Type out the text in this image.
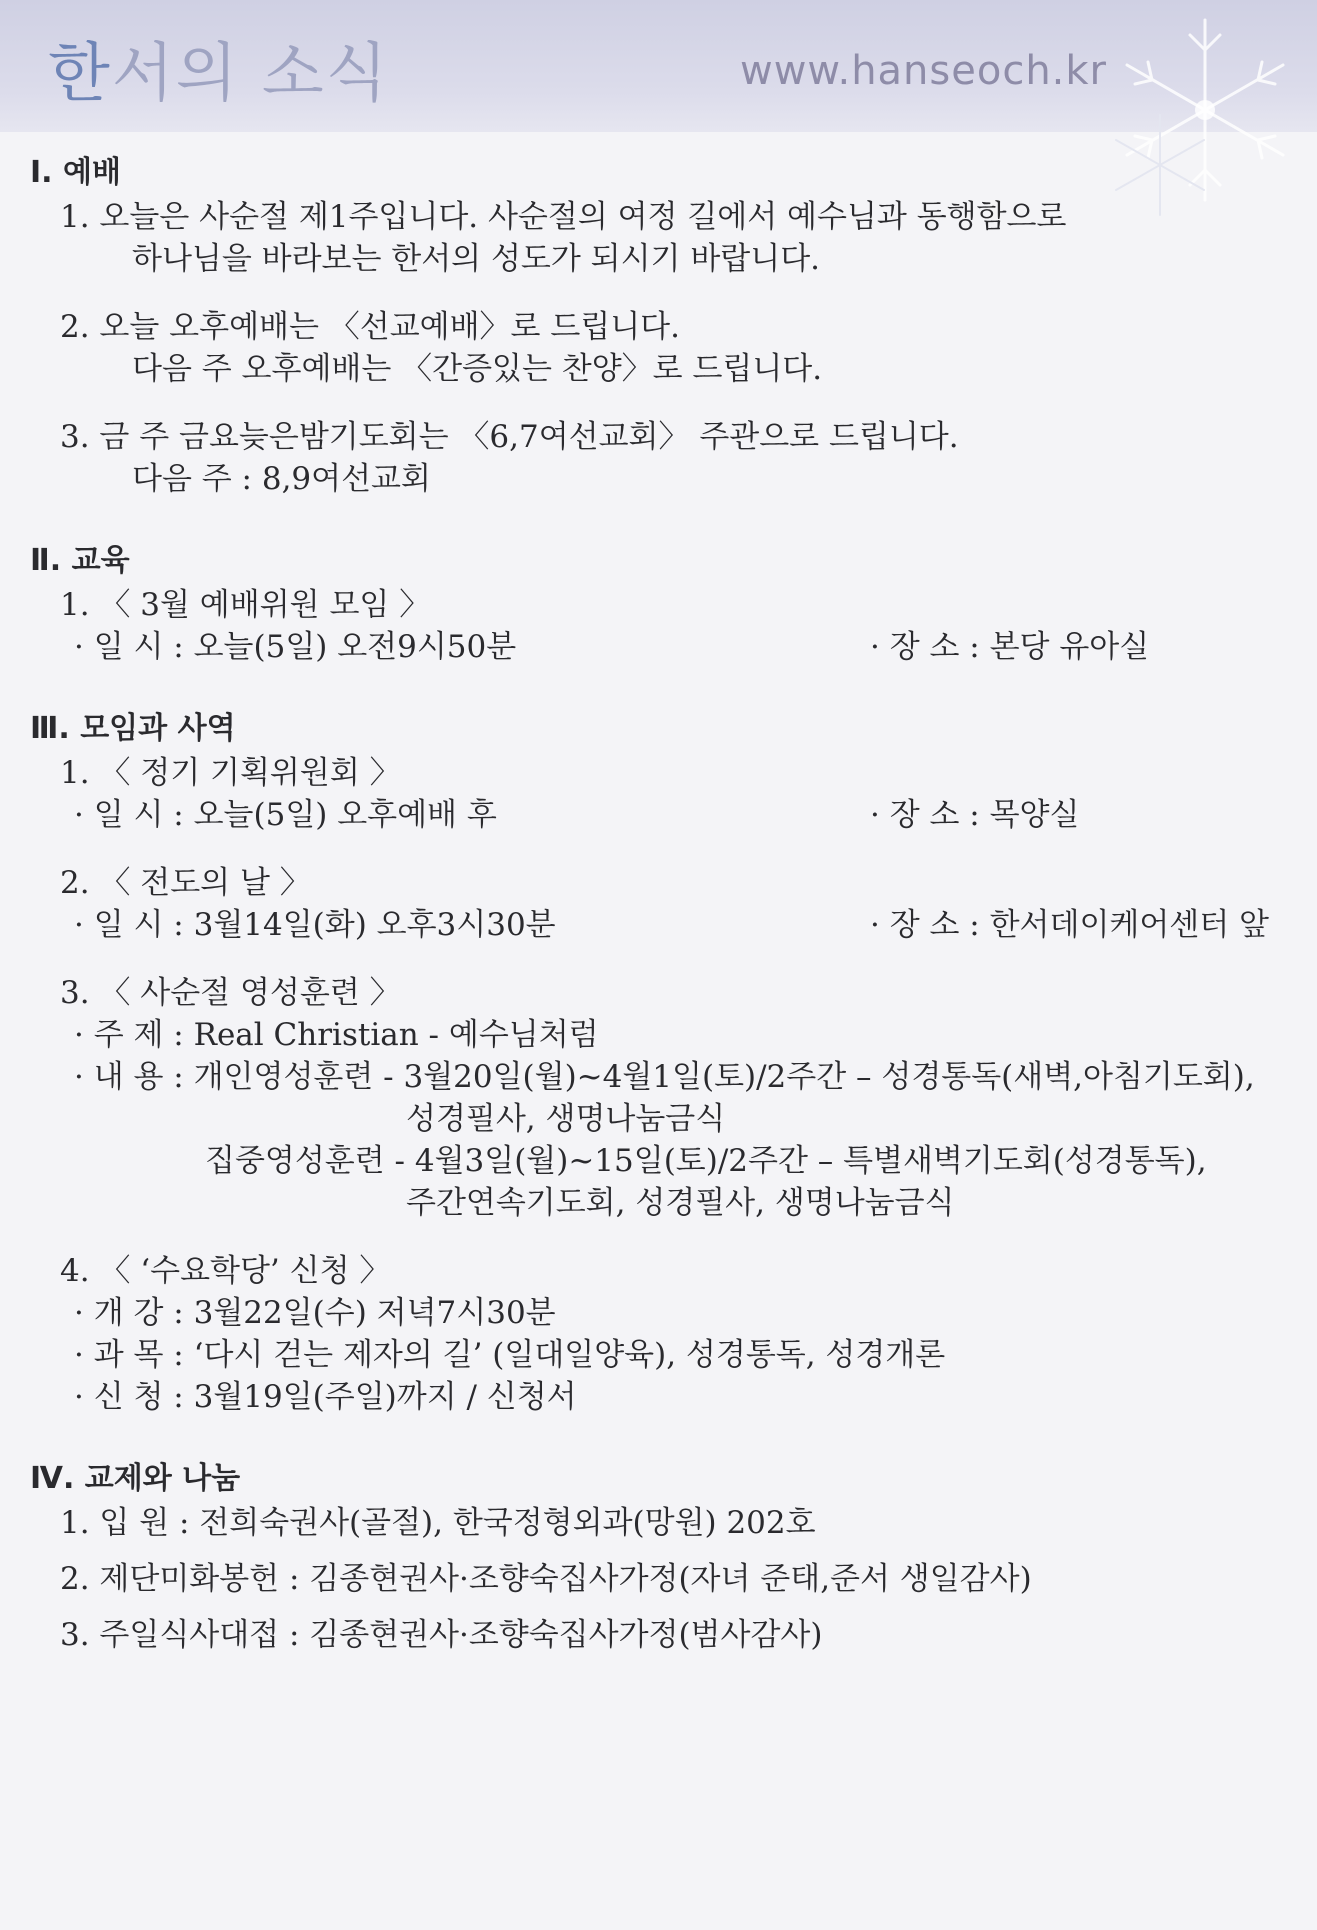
한서의 소식	www.hanseoch.kr
Ⅰ. 예배
1. 오늘은 사순절 제1주입니다. 사순절의 여정 길에서 예수님과 동행함으로
하나님을 바라보는 한서의 성도가 되시기 바랍니다.
2. 오늘 오후예배는 〈선교예배〉로 드립니다.
다음 주 오후예배는 〈간증있는 찬양〉로 드립니다.
3. 금 주 금요늦은밤기도회는 〈6,7여선교회〉 주관으로 드립니다.
다음 주 : 8,9여선교회
Ⅱ. 교육
1. 〈 3월 예배위원 모임 〉
· 일 시 : 오늘(5일) 오전9시50분	· 장 소 : 본당 유아실
Ⅲ. 모임과 사역
1. 〈 정기 기획위원회 〉
· 일 시 : 오늘(5일) 오후예배 후	· 장 소 : 목양실
2. 〈 전도의 날 〉
· 일 시 : 3월14일(화) 오후3시30분	· 장 소 : 한서데이케어센터 앞
3. 〈 사순절 영성훈련 〉
· 주 제 : Real Christian - 예수님처럼
· 내 용 : 개인영성훈련 - 3월20일(월)~4월1일(토)/2주간 – 성경통독(새벽,아침기도회),
성경필사, 생명나눔금식
집중영성훈련 - 4월3일(월)~15일(토)/2주간 – 특별새벽기도회(성경통독),
주간연속기도회, 성경필사, 생명나눔금식
4. 〈 ‘수요학당’ 신청 〉
· 개 강 : 3월22일(수) 저녁7시30분
· 과 목 : ‘다시 걷는 제자의 길’ (일대일양육), 성경통독, 성경개론
· 신 청 : 3월19일(주일)까지 / 신청서
Ⅳ. 교제와 나눔
1. 입 원 : 전희숙권사(골절), 한국정형외과(망원) 202호
2. 제단미화봉헌 : 김종현권사·조향숙집사가정(자녀 준태,준서 생일감사)
3. 주일식사대접 : 김종현권사·조향숙집사가정(범사감사)
